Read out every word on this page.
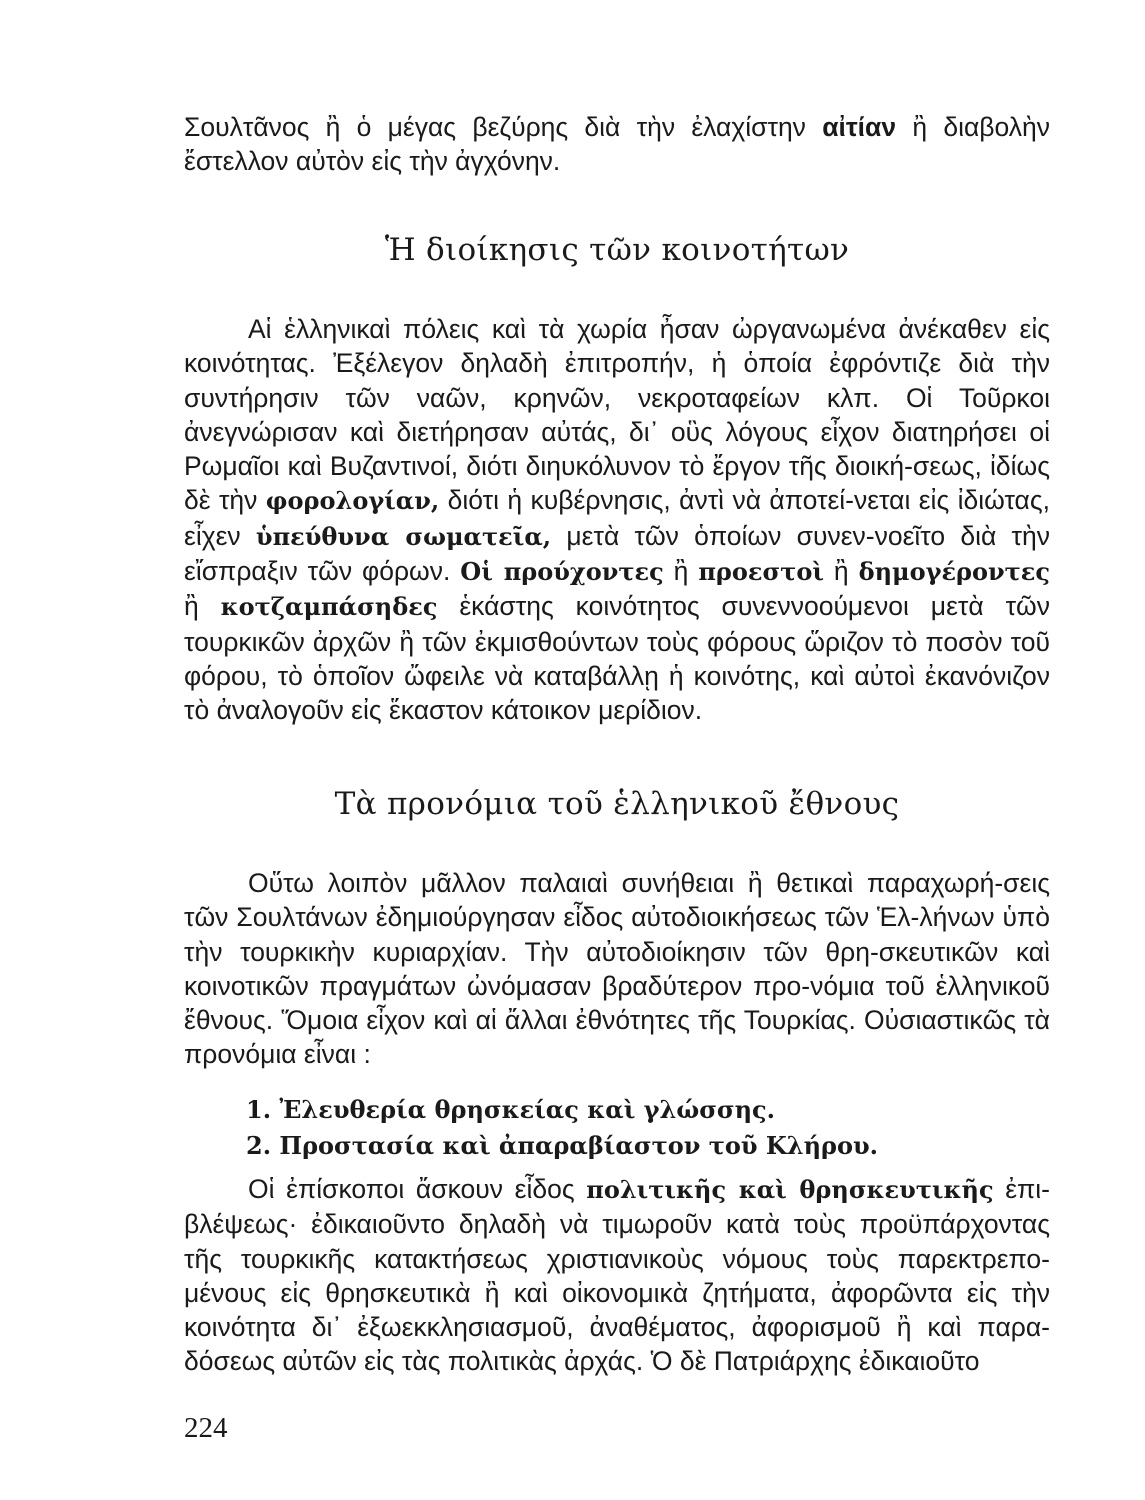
Σουλτᾶνος ἢ ὁ μέγας βεζύρης διὰ τὴν ἐλαχίστην αἰτίαν ἢ διαβολὴν ἔστελλον αὐτὸν εἰς τὴν ἀγχόνην.

Ἡ διοίκησις τῶν κοινοτήτων

Αἱ ἑλληνικαὶ πόλεις καὶ τὰ χωρία ἦσαν ὠργανωμένα ἀνέκαθεν εἰς κοινότητας. Ἐξέλεγον δηλαδὴ ἐπιτροπήν, ἡ ὁποία ἐφρόντιζε διὰ τὴν συντήρησιν τῶν ναῶν, κρηνῶν, νεκροταφείων κλπ. Οἱ Τοῦρκοι ἀνεγνώρισαν καὶ διετήρησαν αὐτάς, δι᾽ οὓς λόγους εἶχον διατηρήσει οἱ Ρωμαῖοι καὶ Βυζαντινοί, διότι διηυκόλυνον τὸ ἔργον τῆς διοική-σεως, ἰδίως δὲ τὴν φορολογίαν, διότι ἡ κυβέρνησις, ἀντὶ νὰ ἀποτεί-νεται εἰς ἰδιώτας, εἶχεν ὑπεύθυνα σωματεῖα, μετὰ τῶν ὁποίων συνεν-νοεῖτο διὰ τὴν εἴσπραξιν τῶν φόρων. Οἱ προύχοντες ἢ προεστοὶ ἢ δημογέροντες ἢ κοτζαμπάσηδες ἑκάστης κοινότητος συνεννοούμενοι μετὰ τῶν τουρκικῶν ἀρχῶν ἢ τῶν ἐκμισθούντων τοὺς φόρους ὥριζον τὸ ποσὸν τοῦ φόρου, τὸ ὁποῖον ὤφειλε νὰ καταβάλλῃ ἡ κοινότης, καὶ αὐτοὶ ἐκανόνιζον τὸ ἀναλογοῦν εἰς ἕκαστον κάτοικον μερίδιον.

Τὰ προνόμια τοῦ ἑλληνικοῦ ἔθνους

Οὕτω λοιπὸν μᾶλλον παλαιαὶ συνήθειαι ἢ θετικαὶ παραχωρή-σεις τῶν Σουλτάνων ἐδημιούργησαν εἶδος αὐτοδιοικήσεως τῶν Ἑλ-λήνων ὑπὸ τὴν τουρκικὴν κυριαρχίαν. Τὴν αὐτοδιοίκησιν τῶν θρη-σκευτικῶν καὶ κοινοτικῶν πραγμάτων ὠνόμασαν βραδύτερον προ-νόμια τοῦ ἑλληνικοῦ ἔθνους. Ὅμοια εἶχον καὶ αἱ ἄλλαι ἐθνότητες τῆς Τουρκίας. Οὐσιαστικῶς τὰ προνόμια εἶναι :

1. Ἐλευθερία θρησκείας καὶ γλώσσης.

2. Προστασία καὶ ἀπαραβίαστον τοῦ Κλήρου.

Οἱ ἐπίσκοποι ἄσκουν εἶδος πολιτικῆς καὶ θρησκευτικῆς ἐπι-βλέψεως· ἐδικαιοῦντο δηλαδὴ νὰ τιμωροῦν κατὰ τοὺς προϋπάρχοντας τῆς τουρκικῆς κατακτήσεως χριστιανικοὺς νόμους τοὺς παρεκτρεπο-μένους εἰς θρησκευτικὰ ἢ καὶ οἰκονομικὰ ζητήματα, ἀφορῶντα εἰς τὴν κοινότητα δι᾽ ἐξωεκκλησιασμοῦ, ἀναθέματος, ἀφορισμοῦ ἢ καὶ παρα-δόσεως αὐτῶν εἰς τὰς πολιτικὰς ἀρχάς. Ὁ δὲ Πατριάρχης ἐδικαιοῦτο

224
